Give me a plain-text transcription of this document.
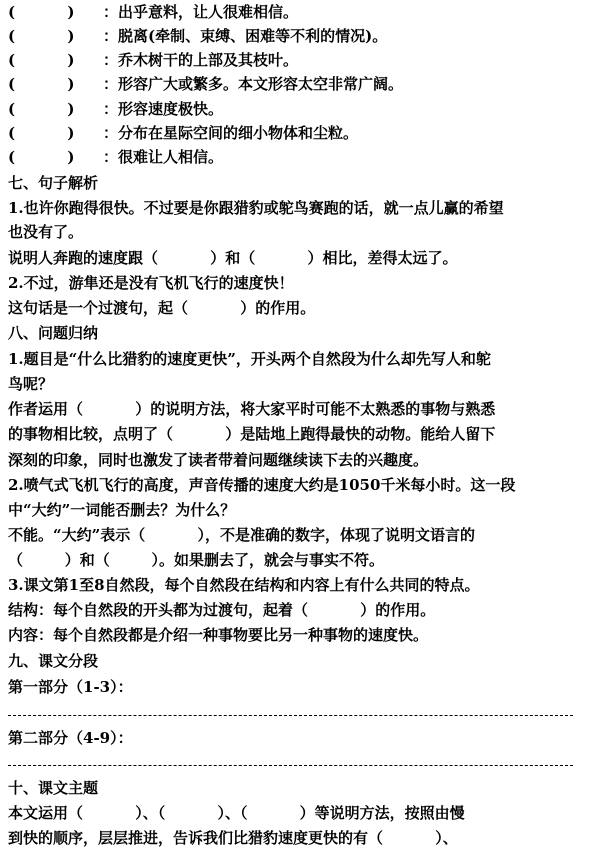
(          ) ：出乎意料，让人很难相信。
(          ) ：脱离(牵制、束缚、困难等不利的情况)。
(          ) ：乔木树干的上部及其枝叶。
(          ) ：形容广大或繁多。本文形容太空非常广阔。
(          ) ：形容速度极快。
(          ) ：分布在星际空间的细小物体和尘粒。
(          ) ：很难让人相信。
七、句子解析
1.也许你跑得很快。不过要是你跟猎豹或鸵鸟赛跑的话，就一点儿赢的希望
也没有了。
说明人奔跑的速度跟（          ）和（          ）相比，差得太远了。
2.不过，游隼还是没有飞机飞行的速度快！
这句话是一个过渡句，起（          ）的作用。
八、问题归纳
1.题目是“什么比猎豹的速度更快”，开头两个自然段为什么却先写人和鸵
鸟呢？
作者运用（          ）的说明方法，将大家平时可能不太熟悉的事物与熟悉
的事物相比较，点明了（          ）是陆地上跑得最快的动物。能给人留下
深刻的印象，同时也激发了读者带着问题继续读下去的兴趣度。
2.喷气式飞机飞行的高度，声音传播的速度大约是1050千米每小时。这一段
中“大约”一词能否删去？为什么？
不能。“大约”表示（          ），不是准确的数字，体现了说明文语言的
（        ）和（        ）。如果删去了，就会与事实不符。
3.课文第1至8自然段，每个自然段在结构和内容上有什么共同的特点。
结构：每个自然段的开头都为过渡句，起着（          ）的作用。
内容：每个自然段都是介绍一种事物要比另一种事物的速度快。
九、课文分段
第一部分（1-3）：
第二部分（4-9）：
十、课文主题
本文运用（          ）、（          ）、（          ）等说明方法，按照由慢
到快的顺序，层层推进，告诉我们比猎豹速度更快的有（          ）、
